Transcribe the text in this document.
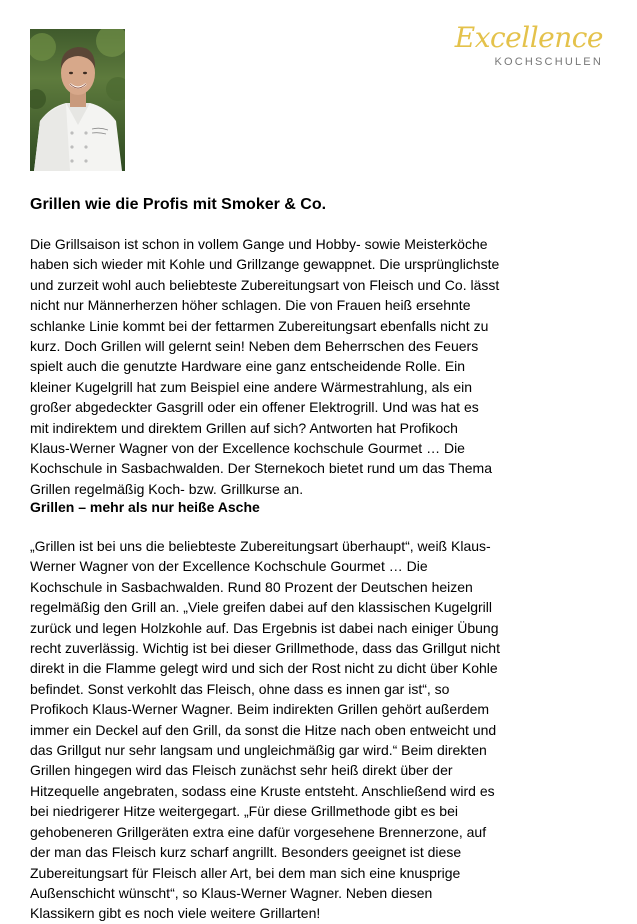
Excellence
KOCHSCHULEN
Grillen wie die Profis mit Smoker & Co.

Die Grillsaison ist schon in vollem Gange und Hobby- sowie Meisterköche
haben sich wieder mit Kohle und Grillzange gewappnet. Die ursprünglichste
und zurzeit wohl auch beliebteste Zubereitungsart von Fleisch und Co. lässt
nicht nur Männerherzen höher schlagen. Die von Frauen heiß ersehnte
schlanke Linie kommt bei der fettarmen Zubereitungsart ebenfalls nicht zu
kurz. Doch Grillen will gelernt sein! Neben dem Beherrschen des Feuers
spielt auch die genutzte Hardware eine ganz entscheidende Rolle. Ein
kleiner Kugelgrill hat zum Beispiel eine andere Wärmestrahlung, als ein
großer abgedeckter Gasgrill oder ein offener Elektrogrill. Und was hat es
mit indirektem und direktem Grillen auf sich? Antworten hat Profikoch
Klaus-Werner Wagner von der Excellence kochschule Gourmet … Die
Kochschule in Sasbachwalden. Der Sternekoch bietet rund um das Thema
Grillen regelmäßig Koch- bzw. Grillkurse an.

Grillen – mehr als nur heiße Asche

„Grillen ist bei uns die beliebteste Zubereitungsart überhaupt“, weiß Klaus-
Werner Wagner von der Excellence Kochschule Gourmet … Die
Kochschule in Sasbachwalden. Rund 80 Prozent der Deutschen heizen
regelmäßig den Grill an. „Viele greifen dabei auf den klassischen Kugelgrill
zurück und legen Holzkohle auf. Das Ergebnis ist dabei nach einiger Übung
recht zuverlässig. Wichtig ist bei dieser Grillmethode, dass das Grillgut nicht
direkt in die Flamme gelegt wird und sich der Rost nicht zu dicht über Kohle
befindet. Sonst verkohlt das Fleisch, ohne dass es innen gar ist“, so
Profikoch Klaus-Werner Wagner. Beim indirekten Grillen gehört außerdem
immer ein Deckel auf den Grill, da sonst die Hitze nach oben entweicht und
das Grillgut nur sehr langsam und ungleichmäßig gar wird.“ Beim direkten
Grillen hingegen wird das Fleisch zunächst sehr heiß direkt über der
Hitzequelle angebraten, sodass eine Kruste entsteht. Anschließend wird es
bei niedrigerer Hitze weitergegart. „Für diese Grillmethode gibt es bei
gehobeneren Grillgeräten extra eine dafür vorgesehene Brennerzone, auf
der man das Fleisch kurz scharf angrillt. Besonders geeignet ist diese
Zubereitungsart für Fleisch aller Art, bei dem man sich eine knusprige
Außenschicht wünscht“, so Klaus-Werner Wagner. Neben diesen
Klassikern gibt es noch viele weitere Grillarten!
